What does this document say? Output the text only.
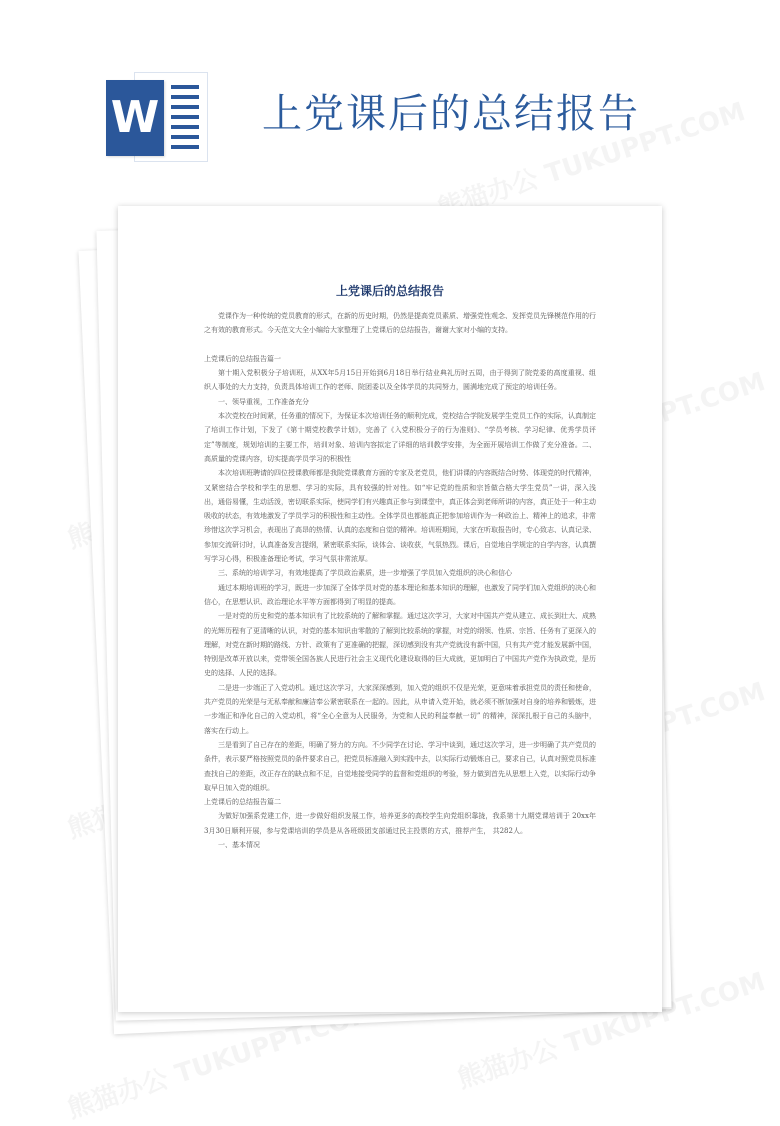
W	上党课后的总结报告
上党课后的总结报告

党课作为一种传统的党员教育的形式，在新的历史时期，仍然是提高党员素质、增强党性观念、发挥党员先锋模范作用的行之有效的教育形式。今天范文大全小编给大家整理了上党课后的总结报告，谢谢大家对小编的支持。

上党课后的总结报告篇一

第十期入党积极分子培训班，从XX年5月15日开始到6月18日举行结业典礼历时五周，由于得到了院党委的高度重视、组织人事处的大力支持，负责具体培训工作的老师、院团委以及全体学员的共同努力，圆满地完成了预定的培训任务。

一、领导重视，工作准备充分

本次党校在时间紧，任务重的情况下，为保证本次培训任务的顺利完成，党校结合学院发展学生党员工作的实际，认真制定了培训工作计划，下发了《第十期党校教学计划》，完善了《入党积极分子的行为准则》、“学员考核、学习纪律、优秀学员评定”等制度，规划培训的主要工作，培训对象、培训内容拟定了详细的培训教学安排，为全面开展培训工作做了充分准备。二、高质量的党课内容，切实提高学员学习的积极性

本次培训班聘请的四位授课教师都是我院党课教育方面的专家及老党员，他们讲课的内容既结合时势、体现党的时代精神，又紧密结合学校和学生的思想、学习的实际，具有较强的针对性。如“牢记党的性质和宗旨做合格大学生党员”一讲，深入浅出，通俗易懂，生动活泼，密切联系实际，使同学们有兴趣真正参与到课堂中，真正体会到老师所讲的内容，真正处于一种主动吸收的状态，有效地激发了学员学习的积极性和主动性。全体学员也都能真正把参加培训作为一种政治上、精神上的追求，非常珍惜这次学习机会，表现出了高昂的热情、认真的态度和自觉的精神。培训班期间，大家在听取报告时，专心致志、认真记录、参加交流研讨时，认真准备发言提纲，紧密联系实际，谈体会、谈收获，气氛热烈。课后，自觉地自学规定的自学内容，认真撰写学习心得，积极准备理论考试，学习气氛非常浓厚。

三、系统的培训学习，有效地提高了学员政治素质，进一步增强了学员加入党组织的决心和信心

通过本期培训班的学习，既进一步加深了全体学员对党的基本理论和基本知识的理解，也激发了同学们加入党组织的决心和信心，在思想认识、政治理论水平等方面都得到了明显的提高。

一是对党的历史和党的基本知识有了比较系统的了解和掌握。通过这次学习，大家对中国共产党从建立、成长到壮大、成熟的光辉历程有了更清晰的认识，对党的基本知识由零散的了解到比较系统的掌握，对党的纲领、性质、宗旨、任务有了更深入的理解，对党在新时期的路线、方针、政策有了更准确的把握，深切感到没有共产党就没有新中国，只有共产党才能发展新中国，特别是改革开放以来，党带领全国各族人民进行社会主义现代化建设取得的巨大成就，更加明白了中国共产党作为执政党，是历史的选择、人民的选择。

二是进一步端正了入党动机。通过这次学习，大家深深感到，加入党的组织不仅是光荣，更意味着承担党员的责任和使命，共产党员的光荣是与无私奉献和廉洁奉公紧密联系在一起的。因此，从申请入党开始，就必须不断加强对自身的培养和锻炼，进一步端正和净化自己的入党动机，将“全心全意为人民服务，为党和人民的利益奉献一切” 的精神，深深扎根于自己的头脑中，落实在行动上。

三是看到了自己存在的差距，明确了努力的方向。不少同学在讨论、学习中谈到，通过这次学习，进一步明确了共产党员的条件，表示要严格按照党员的条件要求自己，把党员标准融入到实践中去，以实际行动锻炼自己，要求自己，认真对照党员标准查找自己的差距，改正存在的缺点和不足，自觉地接受同学的监督和党组织的考验，努力做到首先从思想上入党，以实际行动争取早日加入党的组织。

上党课后的总结报告篇二

为做好加强系党建工作，进一步做好组织发展工作，培养更多的高校学生向党组织靠拢，我系第十九期党课培训于 20xx年3月30日顺利开展，参与党课培训的学员是从各班级团支部通过民主投票的方式，推荐产生， 共282人。

一、基本情况
